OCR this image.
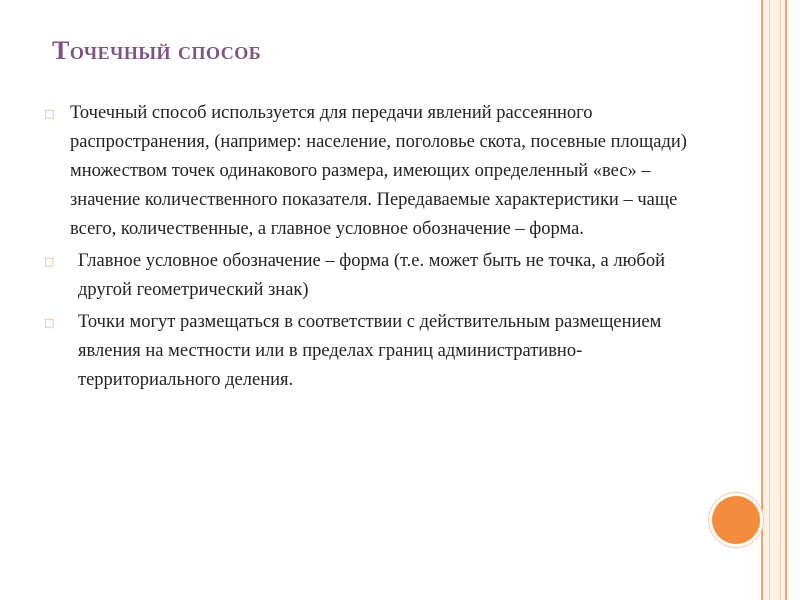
Точечный способ
□ Точечный способ используется для передачи явлений рассеянного распространения, (например: население, поголовье скота, посевные площади) множеством точек одинакового размера, имеющих определенный «вес» – значение количественного показателя. Передаваемые характеристики – чаще всего, количественные, а главное условное обозначение – форма.
□ Главное условное обозначение – форма (т.е. может быть не точка, а любой другой геометрический знак)
□ Точки могут размещаться в соответствии с действительным размещением явления на местности или в пределах границ административно-территориального деления.
